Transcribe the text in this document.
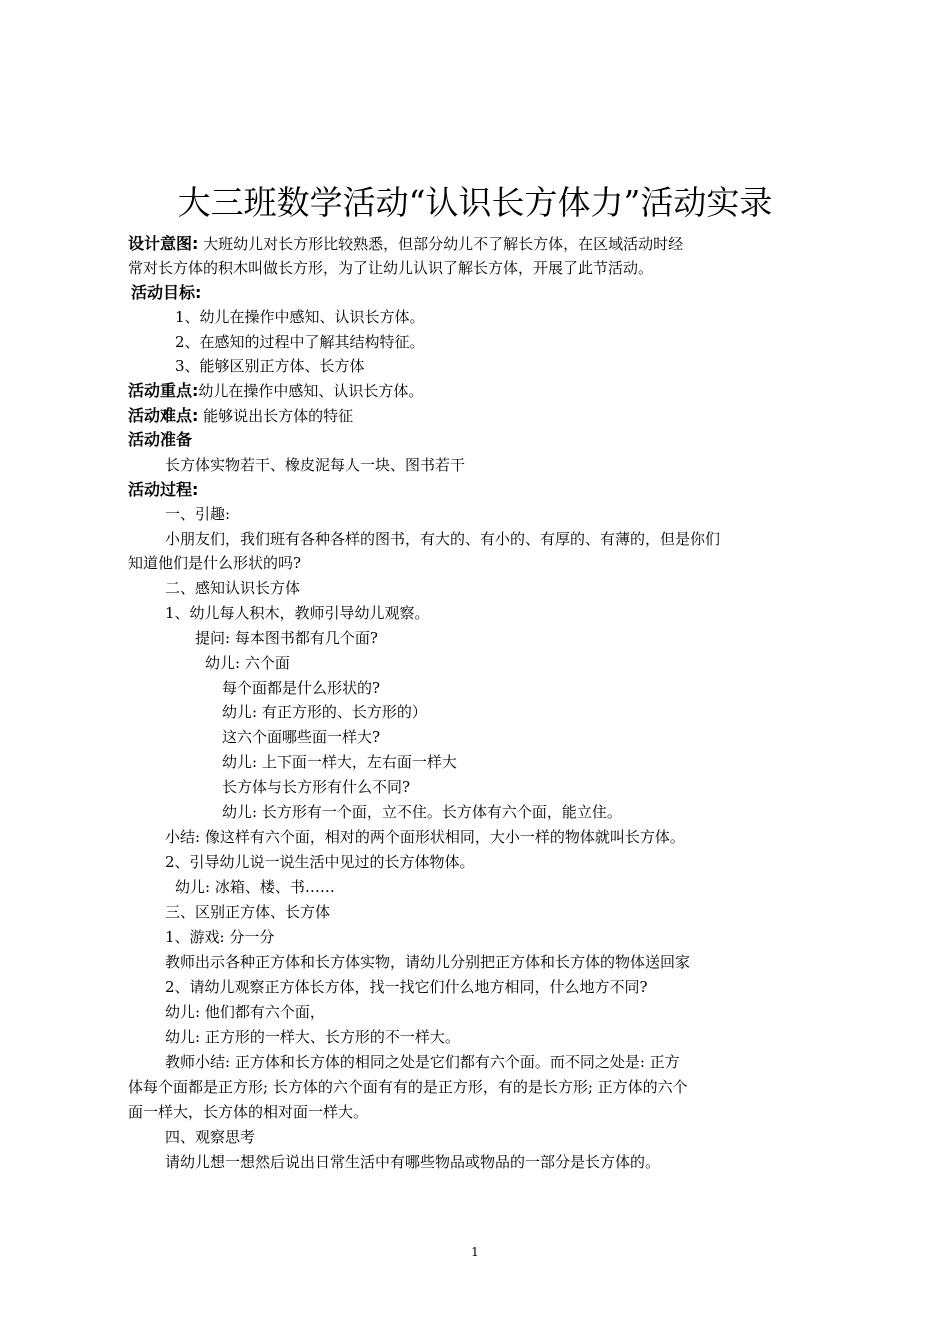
大三班数学活动“认识长方体力”活动实录
设计意图: 大班幼儿对长方形比较熟悉，但部分幼儿不了解长方体，在区域活动时经
常对长方体的积木叫做长方形，为了让幼儿认识了解长方体，开展了此节活动。
活动目标:
1、幼儿在操作中感知、认识长方体。
2、在感知的过程中了解其结构特征。
3、能够区别正方体、长方体
活动重点:幼儿在操作中感知、认识长方体。
活动难点: 能够说出长方体的特征
活动准备
长方体实物若干、橡皮泥每人一块、图书若干
活动过程:
一、引趣:
小朋友们，我们班有各种各样的图书，有大的、有小的、有厚的、有薄的，但是你们
知道他们是什么形状的吗?
二、感知认识长方体
1、幼儿每人积木，教师引导幼儿观察。
提问: 每本图书都有几个面?
幼儿: 六个面
每个面都是什么形状的?
幼儿: 有正方形的、长方形的）
这六个面哪些面一样大?
幼儿: 上下面一样大，左右面一样大
长方体与长方形有什么不同?
幼儿: 长方形有一个面，立不住。长方体有六个面，能立住。
小结: 像这样有六个面，相对的两个面形状相同，大小一样的物体就叫长方体。
2、引导幼儿说一说生活中见过的长方体物体。
幼儿: 冰箱、楼、书……
三、区别正方体、长方体
1、游戏: 分一分
教师出示各种正方体和长方体实物，请幼儿分别把正方体和长方体的物体送回家
2、请幼儿观察正方体长方体，找一找它们什么地方相同，什么地方不同?
幼儿: 他们都有六个面，
幼儿: 正方形的一样大、长方形的不一样大。
教师小结: 正方体和长方体的相同之处是它们都有六个面。而不同之处是: 正方
体每个面都是正方形; 长方体的六个面有有的是正方形，有的是长方形; 正方体的六个
面一样大，长方体的相对面一样大。
四、观察思考
请幼儿想一想然后说出日常生活中有哪些物品或物品的一部分是长方体的。
1
